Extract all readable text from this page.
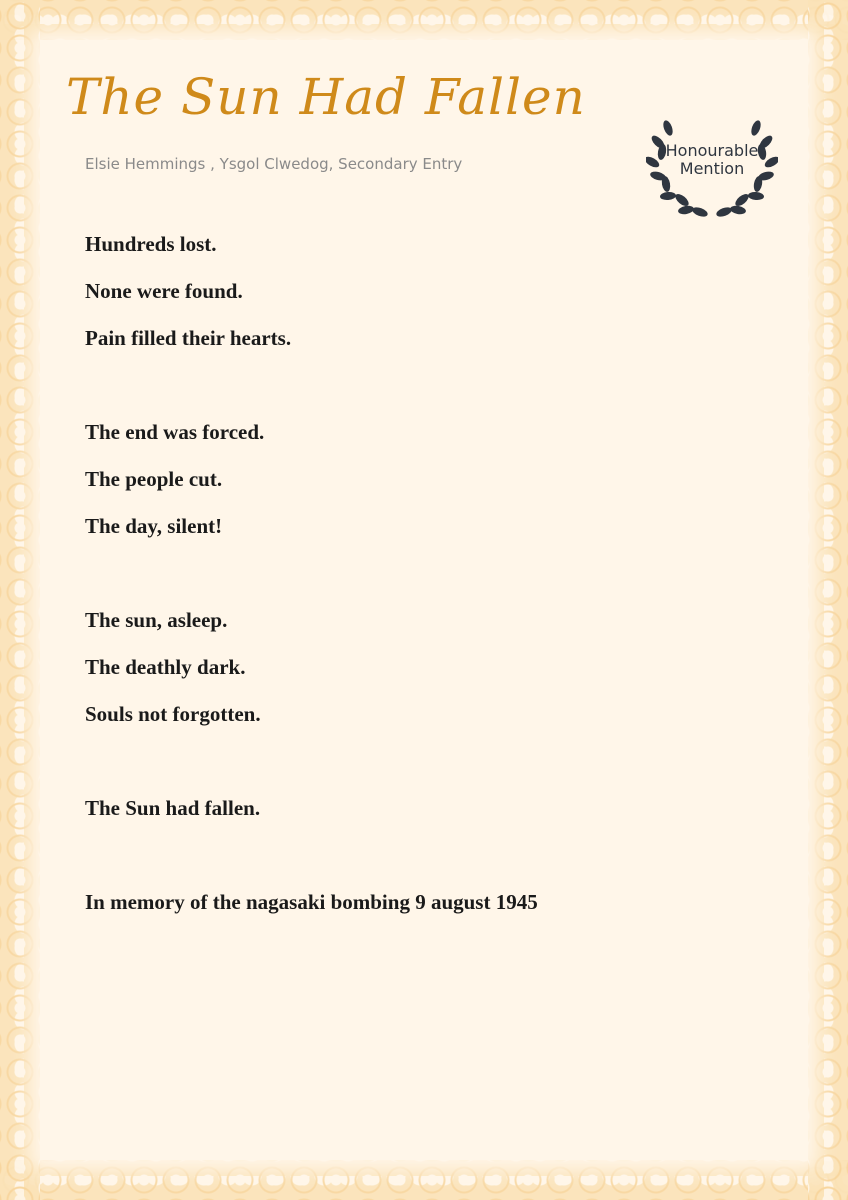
The Sun Had Fallen

Elsie Hemmings , Ysgol Clwedog, Secondary Entry

Honourable
Mention
Hundreds lost.
None were found.
Pain filled their hearts.
The end was forced.
The people cut.
The day, silent!
The sun, asleep.
The deathly dark.
Souls not forgotten.
The Sun had fallen.
In memory of the nagasaki bombing 9 august 1945
